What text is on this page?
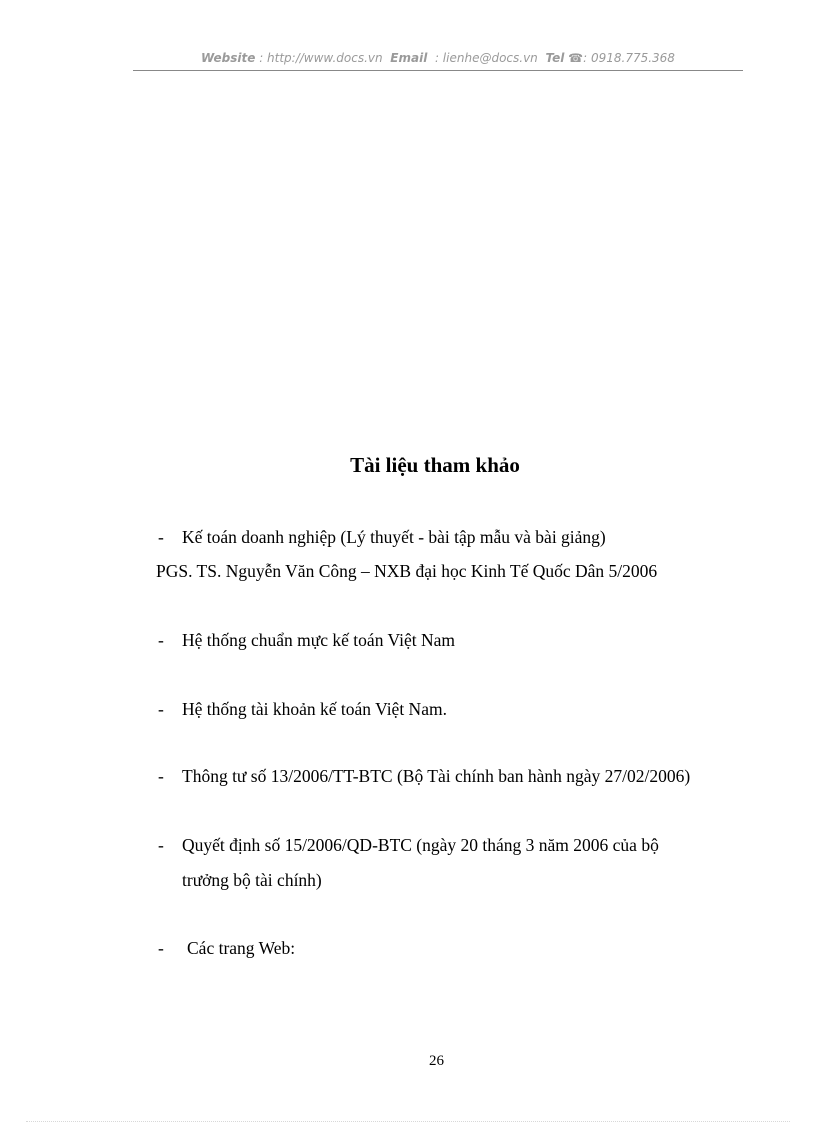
Website : http://www.docs.vn Email : lienhe@docs.vn Tel ☎: 0918.775.368
Tài liệu tham khảo
- Kế toán doanh nghiệp (Lý thuyết - bài tập mẫu và bài giảng)
PGS. TS. Nguyễn Văn Công – NXB đại học Kinh Tế Quốc Dân 5/2006
- Hệ thống chuẩn mực kế toán Việt Nam
- Hệ thống tài khoản kế toán Việt Nam.
- Thông tư số 13/2006/TT-BTC (Bộ Tài chính ban hành ngày 27/02/2006)
- Quyết định số 15/2006/QD-BTC (ngày 20 tháng 3 năm 2006 của bộ
trưởng bộ tài chính)
- Các trang Web:
26
